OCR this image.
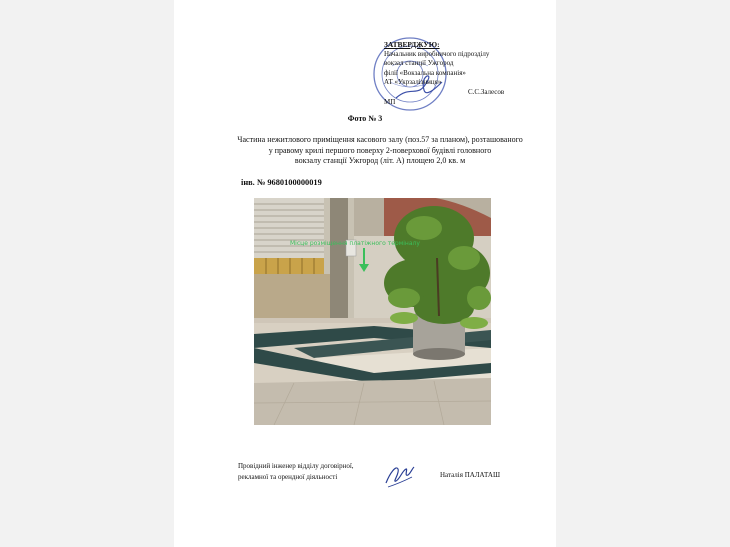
ЗАТВЕРДЖУЮ:
Начальник виробничого підрозділу
вокзал станції Ужгород
філії «Вокзальна компанія»
АТ «Укрзалізниця»
С.С.Залесов
МП
Фото № 3
Частина нежитлового приміщення касового залу (поз.57 за планом), розташованого
у правому крилі першого поверху 2-поверхової будівлі головного
вокзалу станції Ужгород (літ. А) площею 2,0 кв. м
інв. № 9680100000019
Місце розміщення платіжного терміналу
Провідний інженер відділу договірної,
рекламної та орендної діяльності	Наталія ПАЛАТАШ
